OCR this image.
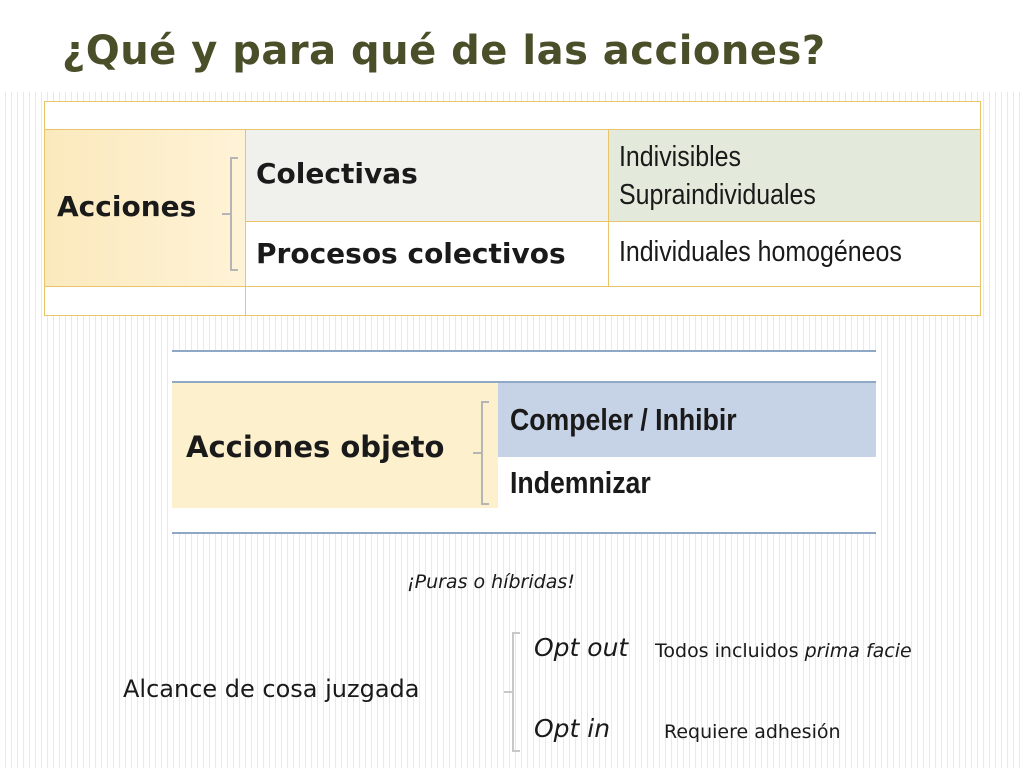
¿Qué y para qué de las acciones?
Acciones
Colectivas	Indivisibles
Supraindividuales
Procesos colectivos Individuales homogéneos
Acciones objeto
Compeler / Inhibir
Indemnizar
¡Puras o híbridas!
Alcance de cosa juzgada
Opt out Todos incluidos prima facie
Opt in	Requiere adhesión
